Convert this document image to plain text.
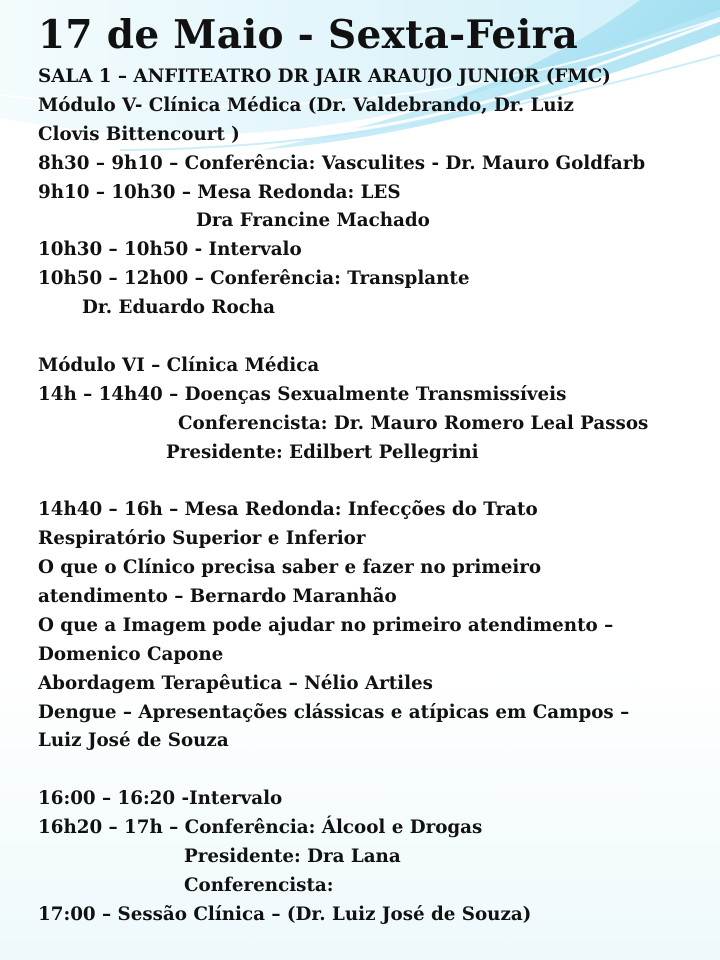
17 de Maio - Sexta-Feira
SALA 1 – ANFITEATRO DR JAIR ARAUJO JUNIOR (FMC)
Módulo V- Clínica Médica (Dr. Valdebrando, Dr. Luiz
Clovis Bittencourt )
8h30 – 9h10 – Conferência: Vasculites - Dr. Mauro Goldfarb
9h10 – 10h30 – Mesa Redonda: LES
Dra Francine Machado
10h30 – 10h50 - Intervalo
10h50 – 12h00 – Conferência: Transplante
Dr. Eduardo Rocha
Módulo VI – Clínica Médica
14h – 14h40 – Doenças Sexualmente Transmissíveis
Conferencista: Dr. Mauro Romero Leal Passos
Presidente: Edilbert Pellegrini
14h40 – 16h – Mesa Redonda: Infecções do Trato
Respiratório Superior e Inferior
O que o Clínico precisa saber e fazer no primeiro
atendimento – Bernardo Maranhão
O que a Imagem pode ajudar no primeiro atendimento –
Domenico Capone
Abordagem Terapêutica – Nélio Artiles
Dengue – Apresentações clássicas e atípicas em Campos –
Luiz José de Souza
16:00 – 16:20 -Intervalo
16h20 – 17h – Conferência: Álcool e Drogas
Presidente: Dra Lana
Conferencista:
17:00 – Sessão Clínica – (Dr. Luiz José de Souza)
